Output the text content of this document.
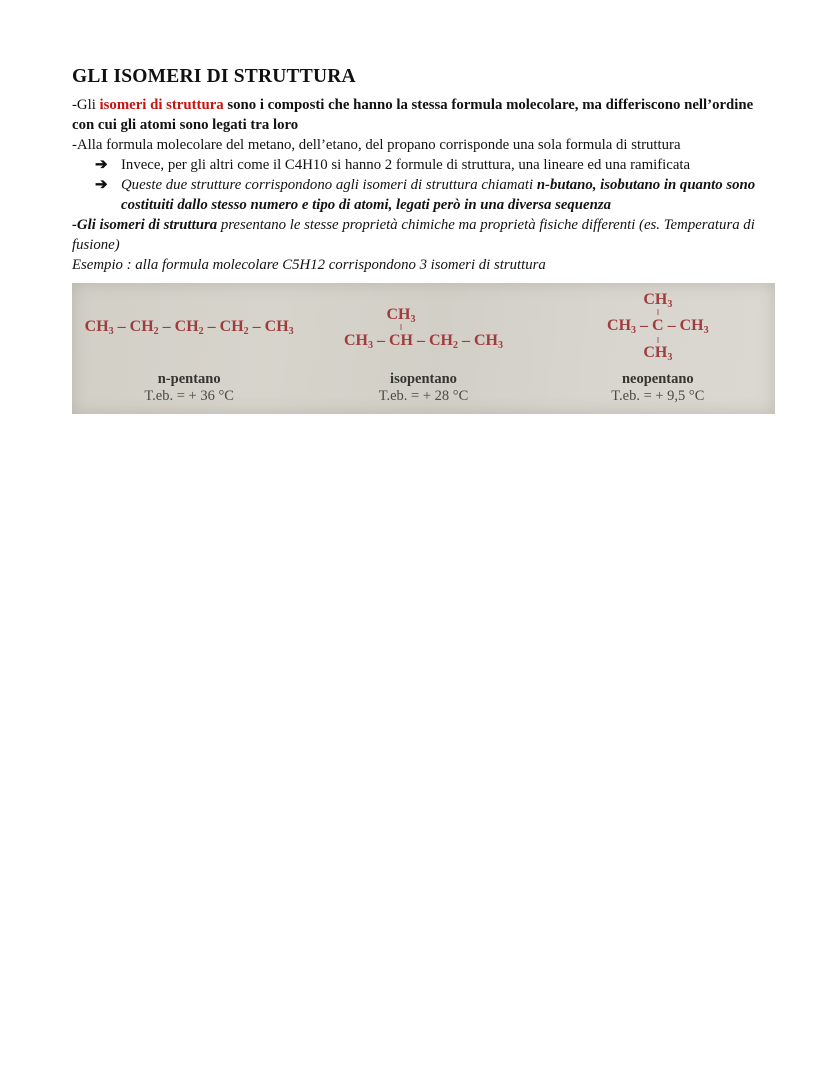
GLI ISOMERI DI STRUTTURA

-Gli isomeri di struttura sono i composti che hanno la stessa formula molecolare, ma differiscono nell’ordine con cui gli atomi sono legati tra loro

-Alla formula molecolare del metano, dell’etano, del propano corrisponde una sola formula di struttura

➔ Invece, per gli altri come il C4H10 si hanno 2 formule di struttura, una lineare ed una ramificata

➔ Queste due strutture corrispondono agli isomeri di struttura chiamati n-butano, isobutano in quanto sono costituiti dallo stesso numero e tipo di atomi, legati però in una diversa sequenza

-Gli isomeri di struttura presentano le stesse proprietà chimiche ma proprietà fisiche differenti (es. Temperatura di fusione)

Esempio : alla formula molecolare C5H12 corrispondono 3 isomeri di struttura

$CH_3 - CH_2 - CH_2 - CH_2 - CH_3$
n-pentano
T.eb. = + 36 °C
$CH_3$ – CH
$CH_3$
– $CH_2 - CH_3$
isopentano
T.eb. = + 28 °C
$CH_3$ – C
$CH_3$
$CH_3$
– $CH_3$
neopentano
T.eb. = + 9,5 °C
